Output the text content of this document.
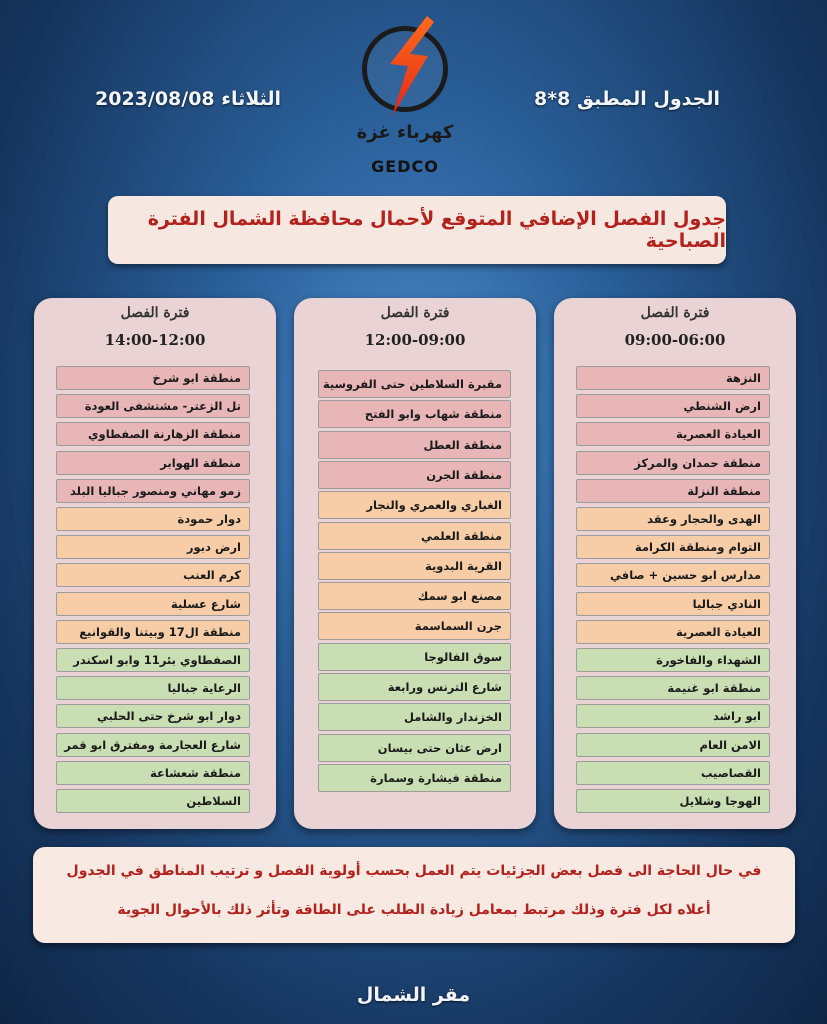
الجدول المطبق 8*8
الثلاثاء 2023/08/08
كهرباء غزة
GEDCO
جدول الفصل الإضافي المتوقع لأحمال محافظة الشمال الفترة الصباحية
فترة الفصل
09:00-06:00
النزهة
ارض الشنطي
العيادة العصرية
منطقة حمدان والمركز
منطقة النزلة
الهدى والحجار وعقد
التوام ومنطقة الكرامة
مدارس ابو حسين + صافي
النادي جباليا
العيادة العصرية
الشهداء والفاخورة
منطقة ابو غنيمة
ابو راشد
الامن العام
القصاصيب
الهوجا وشلايل
فترة الفصل
12:00-09:00
مقبرة السلاطين حتى الفروسية
منطقة شهاب وابو الفتح
منطقة العطل
منطقة الجرن
الغباري والعمري والنجار
منطقة العلمي
القرية البدوية
مصنع ابو سمك
جرن السماسمة
سوق الفالوجا
شارع الترنس ورابعة
الخزندار والشامل
ارض عثان حتى بيسان
منطقة فيشارة وسمارة
فترة الفصل
14:00-12:00
منطقة ابو شرخ
تل الزعتر- مشتشفى العودة
منطقة الزهارنة الصفطاوي
منطقة الهوابر
زمو مهاني ومنصور جباليا البلد
دوار حمودة
ارض دبور
كرم العنب
شارع عسلية
منطقة ال17 وبيتنا والقوانيع
الصفطاوي بئر11 وابو اسكندر
الرعاية جباليا
دوار ابو شرخ حتى الحلبي
شارع العجارمة ومفترق ابو قمر
منطقة شعشاعة
السلاطين
في حال الحاجة الى فصل بعض الجزئيات يتم العمل بحسب أولوية الفصل و ترتيب المناطق في الجدول
أعلاه لكل فترة وذلك مرتبط بمعامل زيادة الطلب على الطاقة وتأثر ذلك بالأحوال الجوية
مقر الشمال
